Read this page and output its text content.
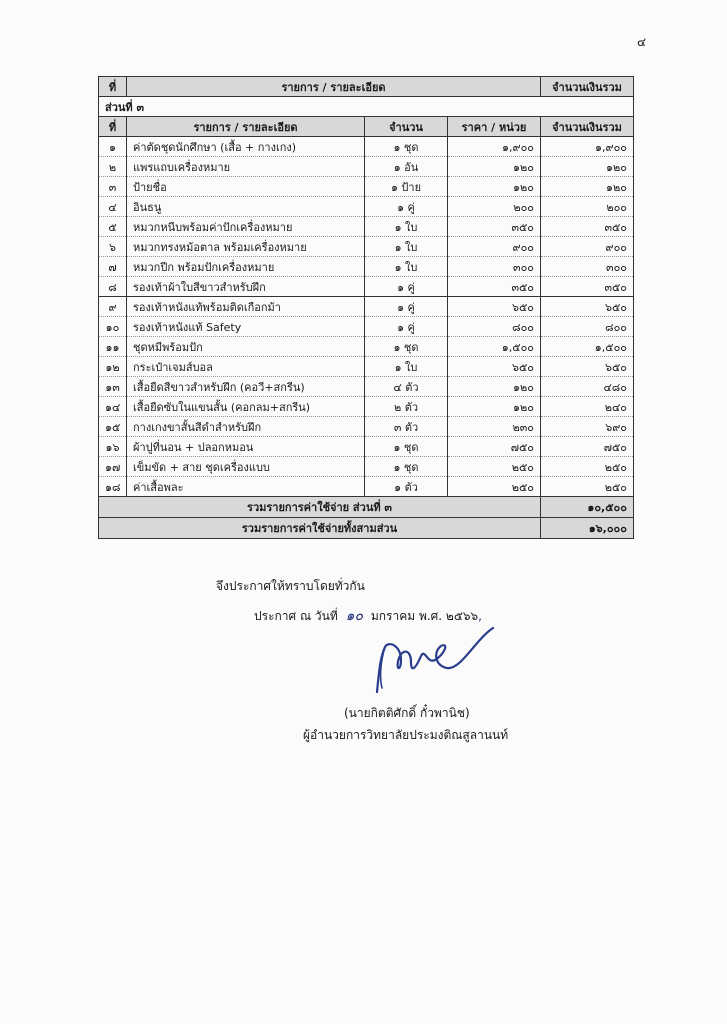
๔
ที่	รายการ / รายละเอียด			จำนวนเงินรวม
ส่วนที่ ๓				
ที่	รายการ / รายละเอียด	จำนวน	ราคา / หน่วย	จำนวนเงินรวม
๑	ค่าตัดชุดนักศึกษา (เสื้อ + กางเกง)	๑ ชุด	๑,๙๐๐	๑,๙๐๐
๒	แพรแถบเครื่องหมาย	๑ อัน	๑๒๐	๑๒๐
๓	ป้ายชื่อ	๑ ป้าย	๑๒๐	๑๒๐
๔	อินธนู	๑ คู่	๒๐๐	๒๐๐
๕	หมวกหนีบพร้อมค่าปักเครื่องหมาย	๑ ใบ	๓๕๐	๓๕๐
๖	หมวกทรงหม้อตาล พร้อมเครื่องหมาย	๑ ใบ	๙๐๐	๙๐๐
๗	หมวกปีก พร้อมปักเครื่องหมาย	๑ ใบ	๓๐๐	๓๐๐
๘	รองเท้าผ้าใบสีขาวสำหรับฝึก	๑ คู่	๓๕๐	๓๕๐
๙	รองเท้าหนังแท้พร้อมติดเกือกม้า	๑ คู่	๖๕๐	๖๕๐
๑๐	รองเท้าหนังแท้ Safety	๑ คู่	๘๐๐	๘๐๐
๑๑	ชุดหมีพร้อมปัก	๑ ชุด	๑,๕๐๐	๑,๕๐๐
๑๒	กระเป๋าเจมส์บอล	๑ ใบ	๖๕๐	๖๕๐
๑๓	เสื้อยืดสีขาวสำหรับฝึก (คอวี+สกรีน)	๔ ตัว	๑๒๐	๔๘๐
๑๔	เสื้อยืดซับในแขนสั้น (คอกลม+สกรีน)	๒ ตัว	๑๒๐	๒๔๐
๑๕	กางเกงขาสั้นสีดำสำหรับฝึก	๓ ตัว	๒๓๐	๖๙๐
๑๖	ผ้าปูที่นอน + ปลอกหมอน	๑ ชุด	๗๕๐	๗๕๐
๑๗	เข็มขัด + สาย ชุดเครื่องแบบ	๑ ชุด	๒๕๐	๒๕๐
๑๘	ค่าเสื้อพละ	๑ ตัว	๒๕๐	๒๕๐
รวมรายการค่าใช้จ่าย ส่วนที่ ๓				๑๐,๕๐๐
รวมรายการค่าใช้จ่ายทั้งสามส่วน				๑๖,๐๐๐
จึงประกาศให้ทราบโดยทั่วกัน
ประกาศ ณ วันที่ ๑๐ มกราคม พ.ศ. ๒๕๖๖,
(นายกิตติศักดิ์ กั๋วพานิช)
ผู้อำนวยการวิทยาลัยประมงติณสูลานนท์
